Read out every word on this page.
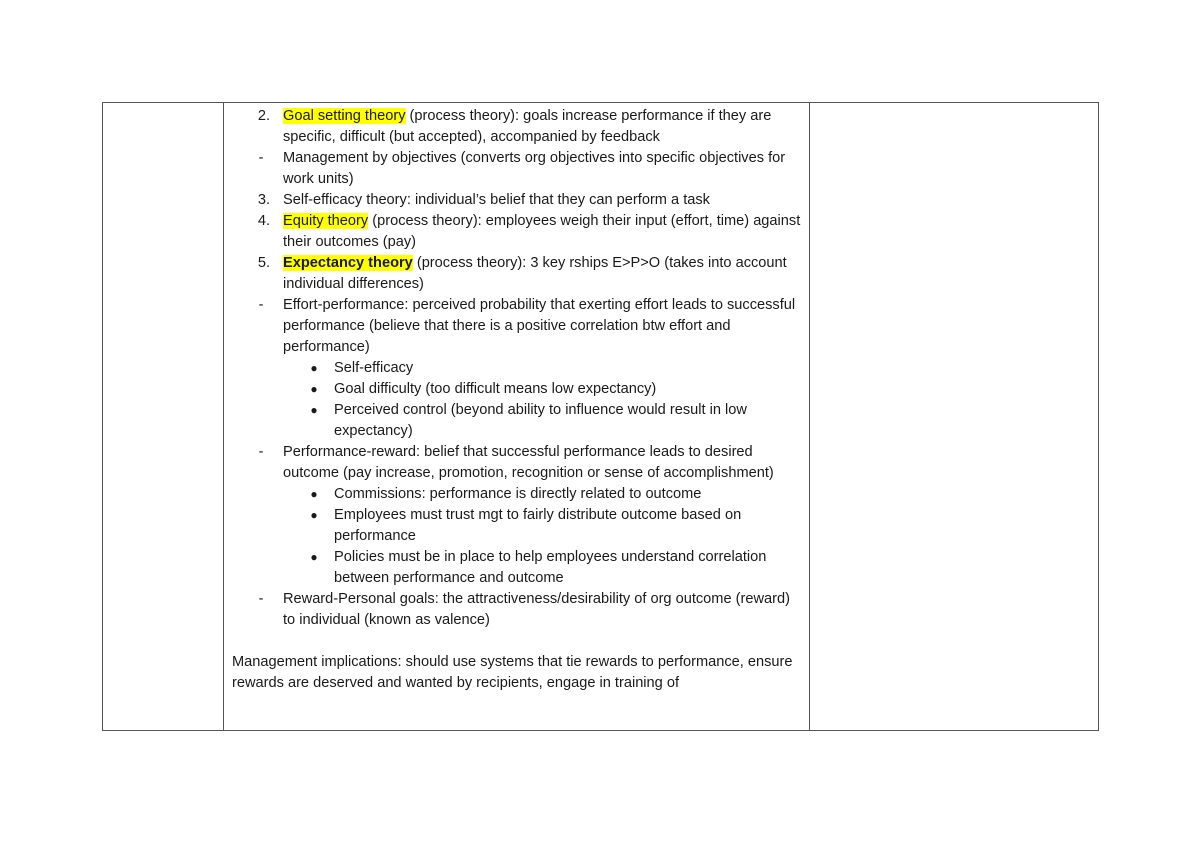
2. Goal setting theory (process theory): goals increase performance if they are specific, difficult (but accepted), accompanied by feedback
- Management by objectives (converts org objectives into specific objectives for work units)
3. Self-efficacy theory: individual’s belief that they can perform a task
4. Equity theory (process theory): employees weigh their input (effort, time) against their outcomes (pay)
5. Expectancy theory (process theory): 3 key rships E>P>O (takes into account individual differences)
- Effort-performance: perceived probability that exerting effort leads to successful performance (believe that there is a positive correlation btw effort and performance)
● Self-efficacy
● Goal difficulty (too difficult means low expectancy)
● Perceived control (beyond ability to influence would result in low expectancy)
- Performance-reward: belief that successful performance leads to desired outcome (pay increase, promotion, recognition or sense of accomplishment)
● Commissions: performance is directly related to outcome
● Employees must trust mgt to fairly distribute outcome based on performance
● Policies must be in place to help employees understand correlation between performance and outcome
- Reward-Personal goals: the attractiveness/desirability of org outcome (reward) to individual (known as valence)
Management implications: should use systems that tie rewards to performance, ensure rewards are deserved and wanted by recipients, engage in training of
